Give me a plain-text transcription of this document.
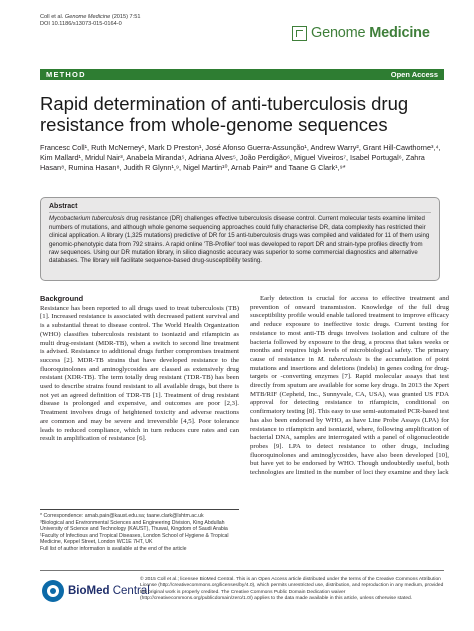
Coll et al. Genome Medicine (2015) 7:51
DOI 10.1186/s13073-015-0164-0
Genome Medicine
METHOD	Open Access
Rapid determination of anti-tuberculosis drug resistance from whole-genome sequences
Francesc Coll¹, Ruth McNerney¹, Mark D Preston¹, José Afonso Guerra-Assunção¹, Andrew Warry², Grant Hill-Cawthorne³,⁴, Kim Mallard¹, Mridul Nair³, Anabela Miranda⁵, Adriana Alves⁵, João Perdigão⁶, Miguel Viveiros⁷, Isabel Portugal⁶, Zahra Hasan⁸, Rumina Hasan⁸, Judith R Glynn¹,⁹, Nigel Martin¹⁰, Arnab Pain³* and Taane G Clark¹,⁹*
Abstract
Mycobacterium tuberculosis drug resistance (DR) challenges effective tuberculosis disease control. Current molecular tests examine limited numbers of mutations, and although whole genome sequencing approaches could fully characterise DR, data complexity has restricted their clinical application. A library (1,325 mutations) predictive of DR for 15 anti-tuberculosis drugs was compiled and validated for 11 of them using genomic-phenotypic data from 792 strains. A rapid online 'TB-Profiler' tool was developed to report DR and strain-type profiles directly from raw sequences. Using our DR mutation library, in silico diagnostic accuracy was superior to some commercial diagnostics and alternative databases. The library will facilitate sequence-based drug-susceptibility testing.
Background

Resistance has been reported to all drugs used to treat tuberculosis (TB) [1]. Increased resistance is associated with decreased patient survival and is a substantial threat to disease control. The World Health Organization (WHO) classifies tuberculosis resistant to isoniazid and rifampicin as multi drug-resistant (MDR-TB), when a switch to second line treatment is advised. Resistance to additional drugs further compromises treatment success [2]. MDR-TB strains that have developed resistance to the fluoroquinolones and aminoglycosides are classed as extensively drug resistant (XDR-TB). The term totally drug resistant (TDR-TB) has been used to describe strains found resistant to all available drugs, but there is not yet an agreed definition of TDR-TB [1]. Treatment of drug resistant disease is prolonged and expensive, and outcomes are poor [2,3]. Treatment involves drugs of heightened toxicity and adverse reactions are common and may be severe and irreversible [4,5]. Poor tolerance leads to reduced compliance, which in turn reduces cure rates and can result in amplification of resistance [6].

Early detection is crucial for access to effective treatment and prevention of onward transmission. Knowledge of the full drug susceptibility profile would enable tailored treatment to improve efficacy and reduce exposure to ineffective toxic drugs. Current testing for resistance to most anti-TB drugs involves isolation and culture of the bacteria followed by exposure to the drug, a process that takes weeks or months and requires high levels of microbiological safety. The primary cause of resistance in M. tuberculosis is the accumulation of point mutations and insertions and deletions (indels) in genes coding for drug-targets or -converting enzymes [7]. Rapid molecular assays that test directly from sputum are available for some key drugs. In 2013 the Xpert MTB/RIF (Cepheid, Inc., Sunnyvale, CA, USA), was granted US FDA approval for detecting resistance to rifampicin, conditional on confirmatory testing [8]. This easy to use semi-automated PCR-based test has also been endorsed by WHO, as have Line Probe Assays (LPA) for resistance to rifampicin and isoniazid, where, following amplification of bacterial DNA, samples are interrogated with a panel of oligonucleotide probes [9]. LPA to detect resistance to other drugs, including fluoroquinolones and aminoglycosides, have also been developed [10], but have yet to be endorsed by WHO. Though undoubtedly useful, both technologies are limited in the number of loci they examine and they lack

* Correspondence: arnab.pain@kaust.edu.sa; taane.clark@lshtm.ac.uk
³Biological and Environmental Sciences and Engineering Division, King Abdullah University of Science and Technology (KAUST), Thuwal, Kingdom of Saudi Arabia
¹Faculty of Infectious and Tropical Diseases, London School of Hygiene & Tropical Medicine, Keppel Street, London WC1E 7HT, UK
Full list of author information is available at the end of the article
BioMed Central
© 2015 Coll et al.; licensee BioMed Central. This is an Open Access article distributed under the terms of the Creative Commons Attribution License (http://creativecommons.org/licenses/by/4.0), which permits unrestricted use, distribution, and reproduction in any medium, provided the original work is properly credited. The Creative Commons Public Domain Dedication waiver (http://creativecommons.org/publicdomain/zero/1.0/) applies to the data made available in this article, unless otherwise stated.
